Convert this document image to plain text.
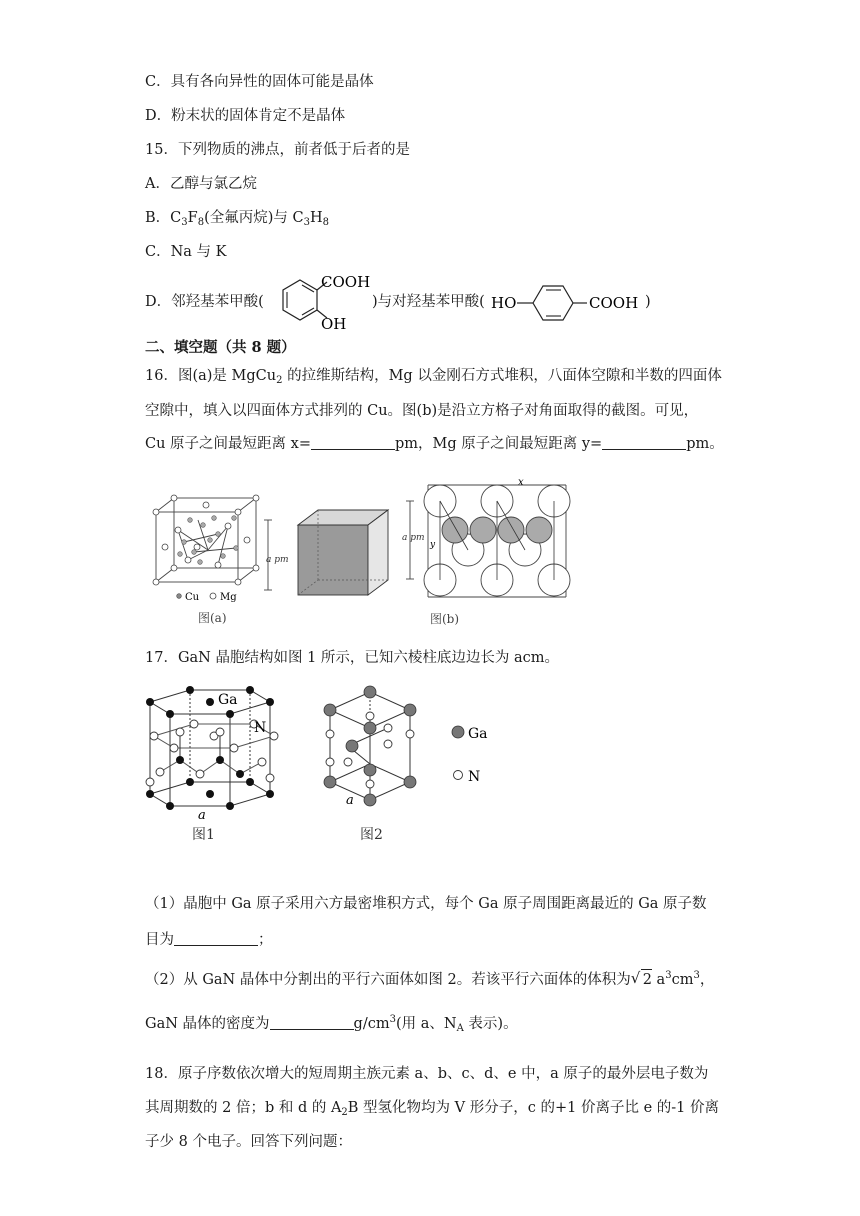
C．具有各向异性的固体可能是晶体
D．粉末状的固体肯定不是晶体
15．下列物质的沸点，前者低于后者的是
A．乙醇与氯乙烷
B．$C_3F_8$(全氟丙烷)与 $C_3H_8$
C．Na 与 K
D．邻羟基苯甲酸(
COOH
OH
)与对羟基苯甲酸( HO	COOH )
二、填空题（共 8 题）
16．图(a)是 MgCu$_2$ 的拉维斯结构，Mg 以金刚石方式堆积，八面体空隙和半数的四面体
空隙中，填入以四面体方式排列的 Cu。图(b)是沿立方格子对角面取得的截图。可见，
Cu 原子之间最短距离 x=	pm，Mg 原子之间最短距离 y=	pm。
Cu Mg
图(a)
a pm
a pm
x
y
图(b)
17．GaN 晶胞结构如图 1 所示，已知六棱柱底边边长为 acm。
Ga
N
a
图1
a
图2
Ga
N
（1）晶胞中 Ga 原子采用六方最密堆积方式，每个 Ga 原子周围距离最近的 Ga 原子数
目为	；
（2）从 GaN 晶体中分割出的平行六面体如图 2。若该平行六面体的体积为 √ 2 $a^3cm^3$，
GaN 晶体的密度为	$g/cm^3$(用 a、$N_A$ 表示)。
18．原子序数依次增大的短周期主族元素 a、b、c、d、e 中，a 原子的最外层电子数为
其周期数的 2 倍；b 和 d 的 $A_2B$ 型氢化物均为 V 形分子，c 的+1 价离子比 e 的-1 价离
子少 8 个电子。回答下列问题：
